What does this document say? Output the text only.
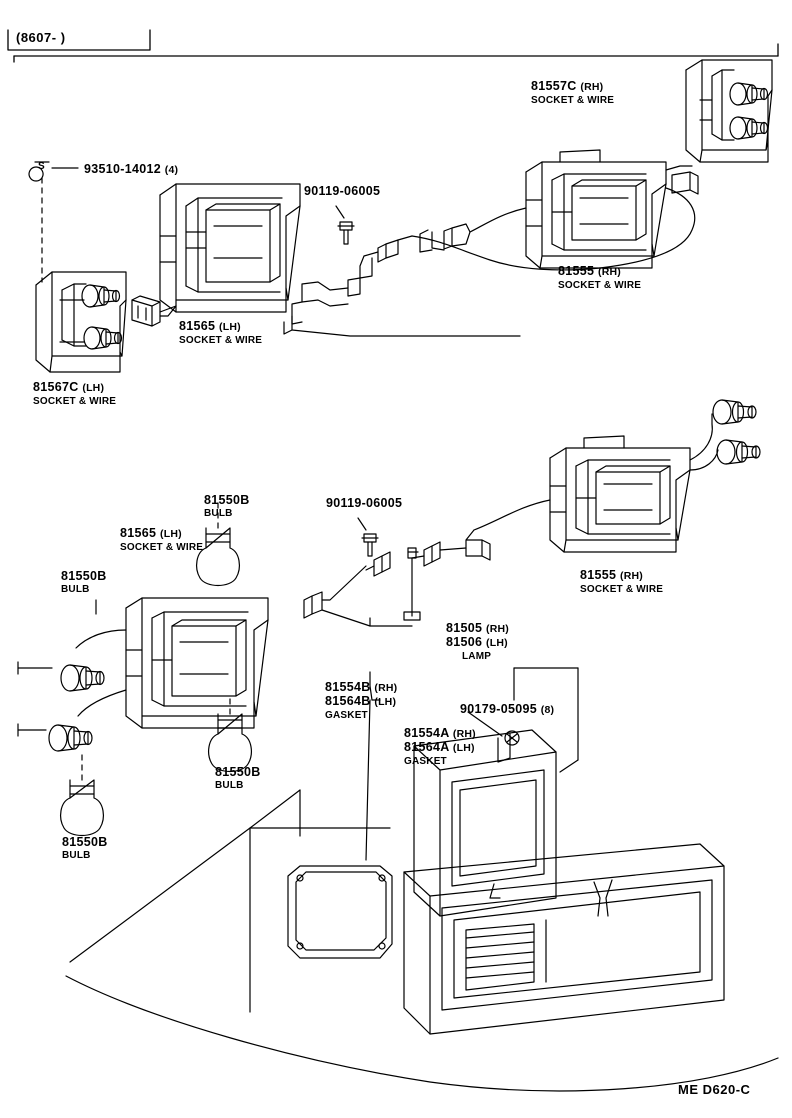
(8607- )
S
81557C (RH)
SOCKET & WIRE
93510-14012 (4)
90119-06005
81555 (RH)
SOCKET & WIRE
81565 (LH)
SOCKET & WIRE
81567C (LH)
SOCKET & WIRE
81550B
BULB
90119-06005
81565 (LH)
SOCKET & WIRE
81550B
BULB
81555 (RH)
SOCKET & WIRE
81550B
BULB
81550B
BULB
81554B (RH)
81564B (LH)
GASKET
81554A (RH)
81564A (LH)
GASKET
90179-05095 (8)
81505 (RH)
81506 (LH)
LAMP
ME D620-C
